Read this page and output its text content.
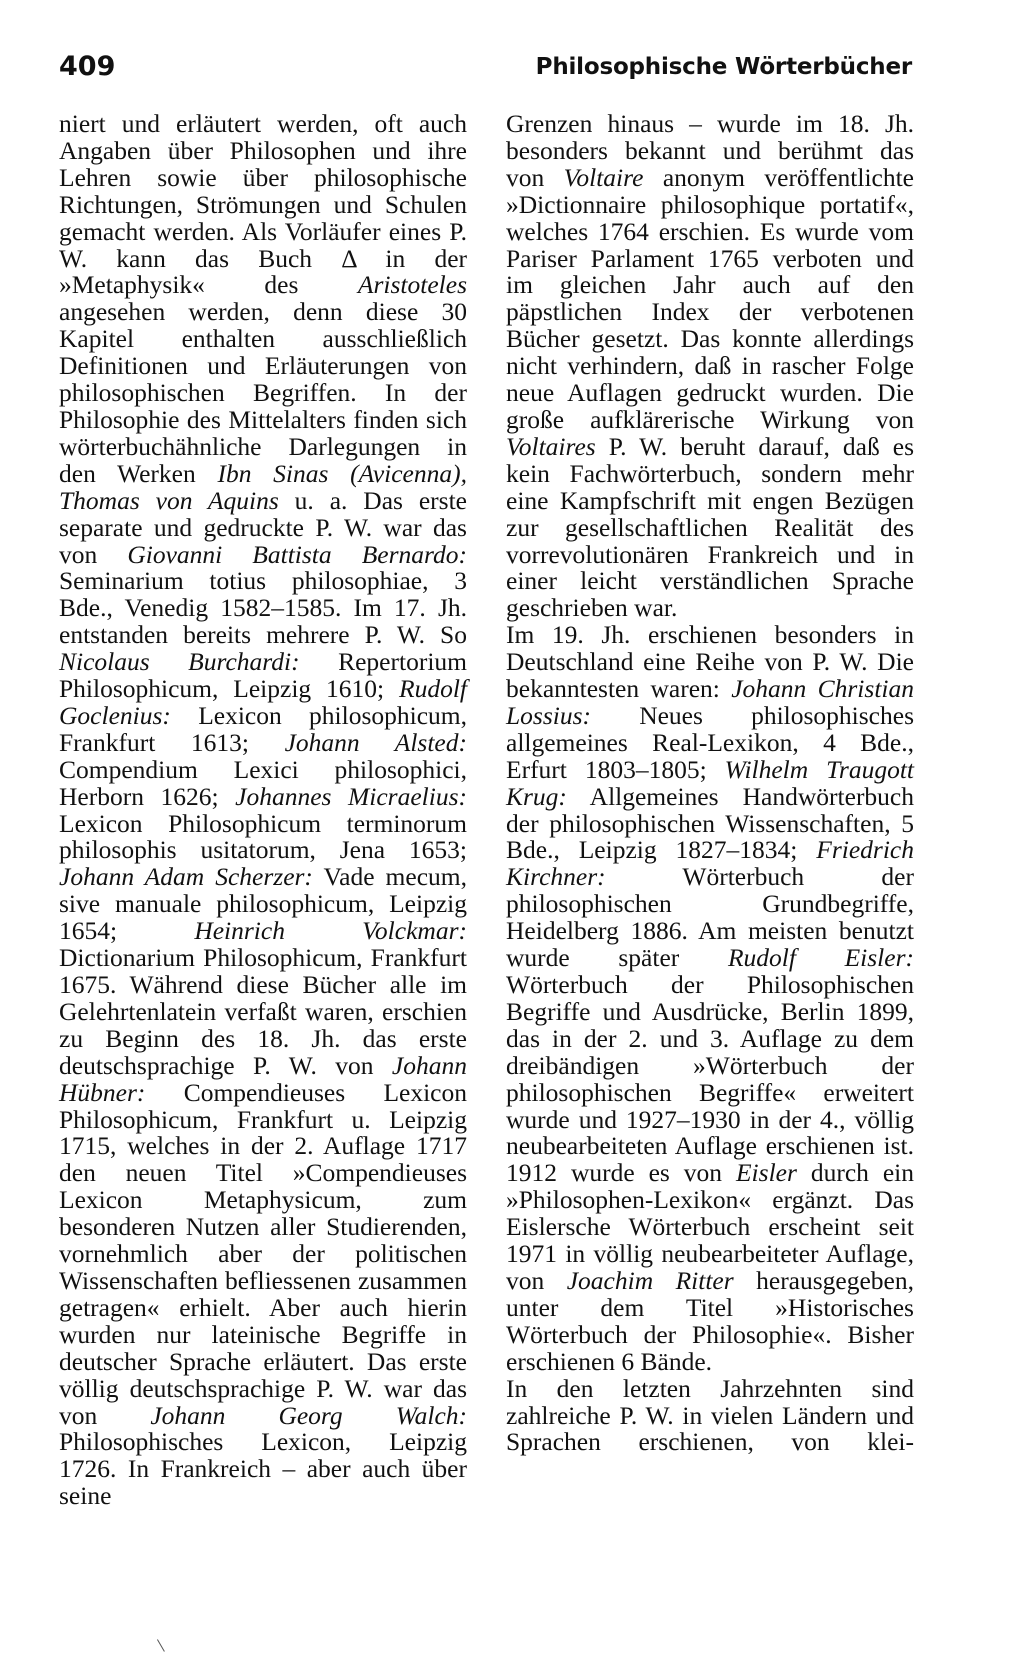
409	Philosophische Wörterbücher

niert und erläutert werden, oft auch Angaben über Philosophen und ihre Lehren sowie über philosophische Richtungen, Strömungen und Schulen gemacht werden. Als Vorläufer eines P. W. kann das Buch Δ in der »Metaphysik« des Aristoteles angesehen werden, denn diese 30 Kapitel enthalten ausschließlich Definitionen und Erläuterungen von philosophischen Begriffen. In der Philosophie des Mittelalters finden sich wörterbuchähnliche Darlegungen in den Werken Ibn Sinas (Avicenna), Thomas von Aquins u. a. Das erste separate und gedruckte P. W. war das von Giovanni Battista Bernardo: Seminarium totius philosophiae, 3 Bde., Venedig 1582–1585. Im 17. Jh. entstanden bereits mehrere P. W. So Nicolaus Burchardi: Repertorium Philosophicum, Leipzig 1610; Rudolf Goclenius: Lexicon philosophicum, Frankfurt 1613; Johann Alsted: Compendium Lexici philosophici, Herborn 1626; Johannes Micraelius: Lexicon Philosophicum terminorum philosophis usitatorum, Jena 1653; Johann Adam Scherzer: Vade mecum, sive manuale philosophicum, Leipzig 1654; Heinrich Volckmar: Dictionarium Philosophicum, Frankfurt 1675. Während diese Bücher alle im Gelehrtenlatein verfaßt waren, erschien zu Beginn des 18. Jh. das erste deutschsprachige P. W. von Johann Hübner: Compendieuses Lexicon Philosophicum, Frankfurt u. Leipzig 1715, welches in der 2. Auflage 1717 den neuen Titel »Compendieuses Lexicon Metaphysicum, zum besonderen Nutzen aller Studierenden, vornehmlich aber der politischen Wissenschaften befliessenen zusammen getragen« erhielt. Aber auch hierin wurden nur lateinische Begriffe in deutscher Sprache erläutert. Das erste völlig deutschsprachige P. W. war das von Johann Georg Walch: Philosophisches Lexicon, Leipzig 1726. In Frankreich – aber auch über seine

Grenzen hinaus – wurde im 18. Jh. besonders bekannt und berühmt das von Voltaire anonym veröffentlichte »Dictionnaire philosophique portatif«, welches 1764 erschien. Es wurde vom Pariser Parlament 1765 verboten und im gleichen Jahr auch auf den päpstlichen Index der verbotenen Bücher gesetzt. Das konnte allerdings nicht verhindern, daß in rascher Folge neue Auflagen gedruckt wurden. Die große aufklärerische Wirkung von Voltaires P. W. beruht darauf, daß es kein Fachwörterbuch, sondern mehr eine Kampfschrift mit engen Bezügen zur gesellschaftlichen Realität des vorrevolutionären Frankreich und in einer leicht verständlichen Sprache geschrieben war.

Im 19. Jh. erschienen besonders in Deutschland eine Reihe von P. W. Die bekanntesten waren: Johann Christian Lossius: Neues philosophisches allgemeines Real-Lexikon, 4 Bde., Erfurt 1803–1805; Wilhelm Traugott Krug: Allgemeines Handwörterbuch der philosophischen Wissenschaften, 5 Bde., Leipzig 1827–1834; Friedrich Kirchner: Wörterbuch der philosophischen Grundbegriffe, Heidelberg 1886. Am meisten benutzt wurde später Rudolf Eisler: Wörterbuch der Philosophischen Begriffe und Ausdrücke, Berlin 1899, das in der 2. und 3. Auflage zu dem dreibändigen »Wörterbuch der philosophischen Begriffe« erweitert wurde und 1927–1930 in der 4., völlig neubearbeiteten Auflage erschienen ist. 1912 wurde es von Eisler durch ein »Philosophen-Lexikon« ergänzt. Das Eislersche Wörterbuch erscheint seit 1971 in völlig neubearbeiteter Auflage, von Joachim Ritter herausgegeben, unter dem Titel »Historisches Wörterbuch der Philosophie«. Bisher erschienen 6 Bände.

In den letzten Jahrzehnten sind zahlreiche P. W. in vielen Ländern und Sprachen erschienen, von klei-
